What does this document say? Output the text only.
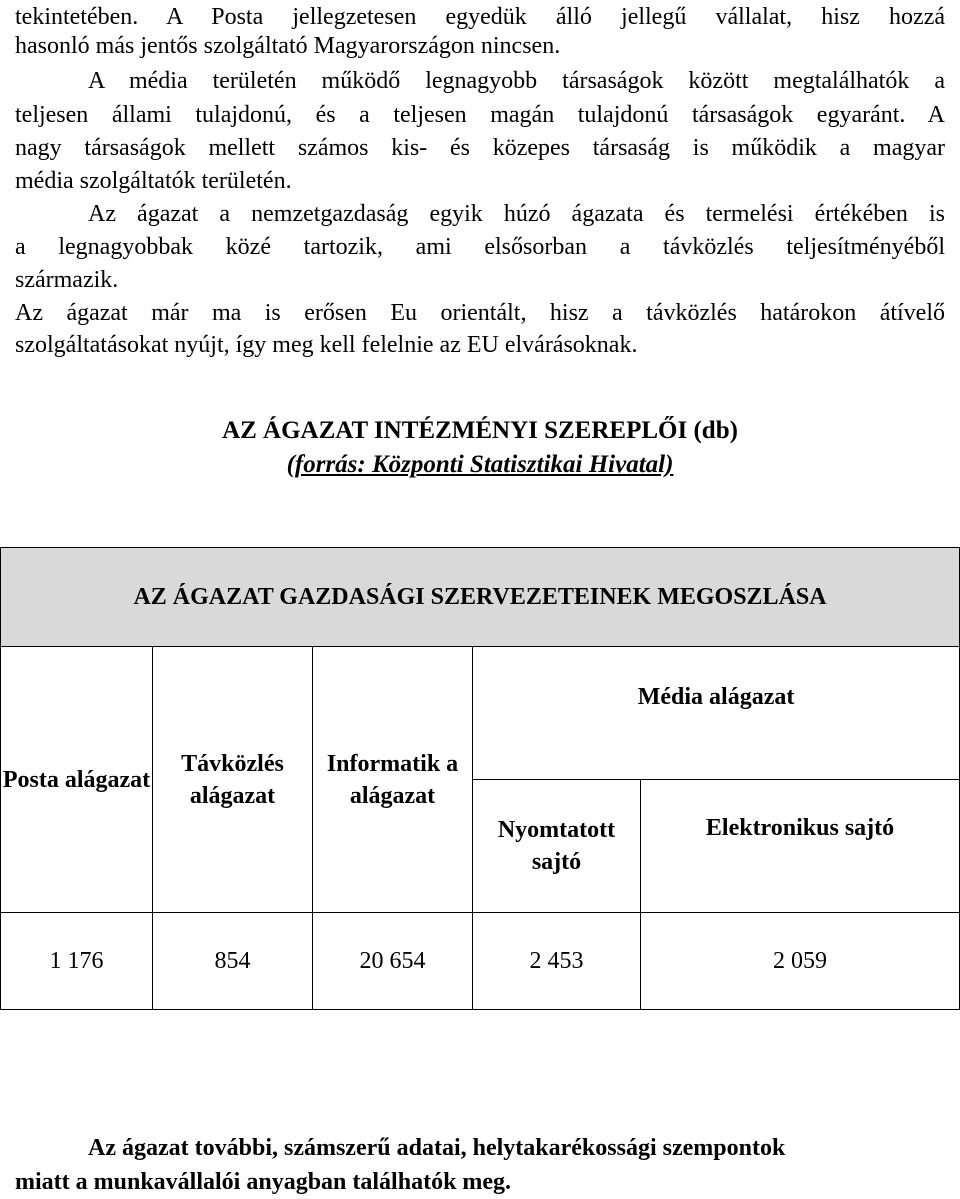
tekintetében. A Posta jellegzetesen egyedük álló jellegű vállalat, hisz hozzá
hasonló más jentős szolgáltató Magyarországon nincsen.
A média területén működő legnagyobb társaságok között megtalálhatók a
teljesen állami tulajdonú, és a teljesen magán tulajdonú társaságok egyaránt. A
nagy társaságok mellett számos kis- és közepes társaság is működik a magyar
média szolgáltatók területén.
Az ágazat a nemzetgazdaság egyik húzó ágazata és termelési értékében is
a legnagyobbak közé tartozik, ami elsősorban a távközlés teljesítményéből
származik.
Az ágazat már ma is erősen Eu orientált, hisz a távközlés határokon átívelő
szolgáltatásokat nyújt, így meg kell felelnie az EU elvárásoknak.
AZ ÁGAZAT INTÉZMÉNYI SZEREPLŐI (db)
(forrás: Központi Statisztikai Hivatal)
AZ ÁGAZAT GAZDASÁGI SZERVEZETEINEK MEGOSZLÁSA				
Posta alágazat	Távközlés alágazat	Informatik a alágazat	Média alágazat	
			Nyomtatott sajtó	Elektronikus sajtó
1 176	854	20 654	2 453	2 059
Az ágazat további, számszerű adatai, helytakarékossági szempontok
miatt a munkavállalói anyagban találhatók meg.
